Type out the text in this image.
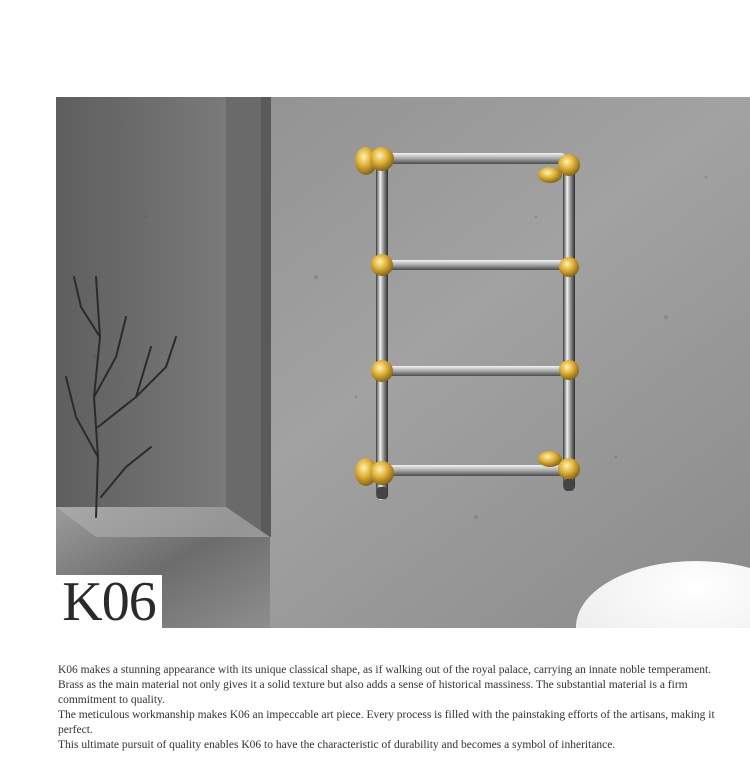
K06

K06 makes a stunning appearance with its unique classical shape, as if walking out of the royal palace, carrying an innate noble temperament.

Brass as the main material not only gives it a solid texture but also adds a sense of historical massiness. The substantial material is a firm commitment to quality.

The meticulous workmanship makes K06 an impeccable art piece. Every process is filled with the painstaking efforts of the artisans, making it perfect.

This ultimate pursuit of quality enables K06 to have the characteristic of durability and becomes a symbol of inheritance.
